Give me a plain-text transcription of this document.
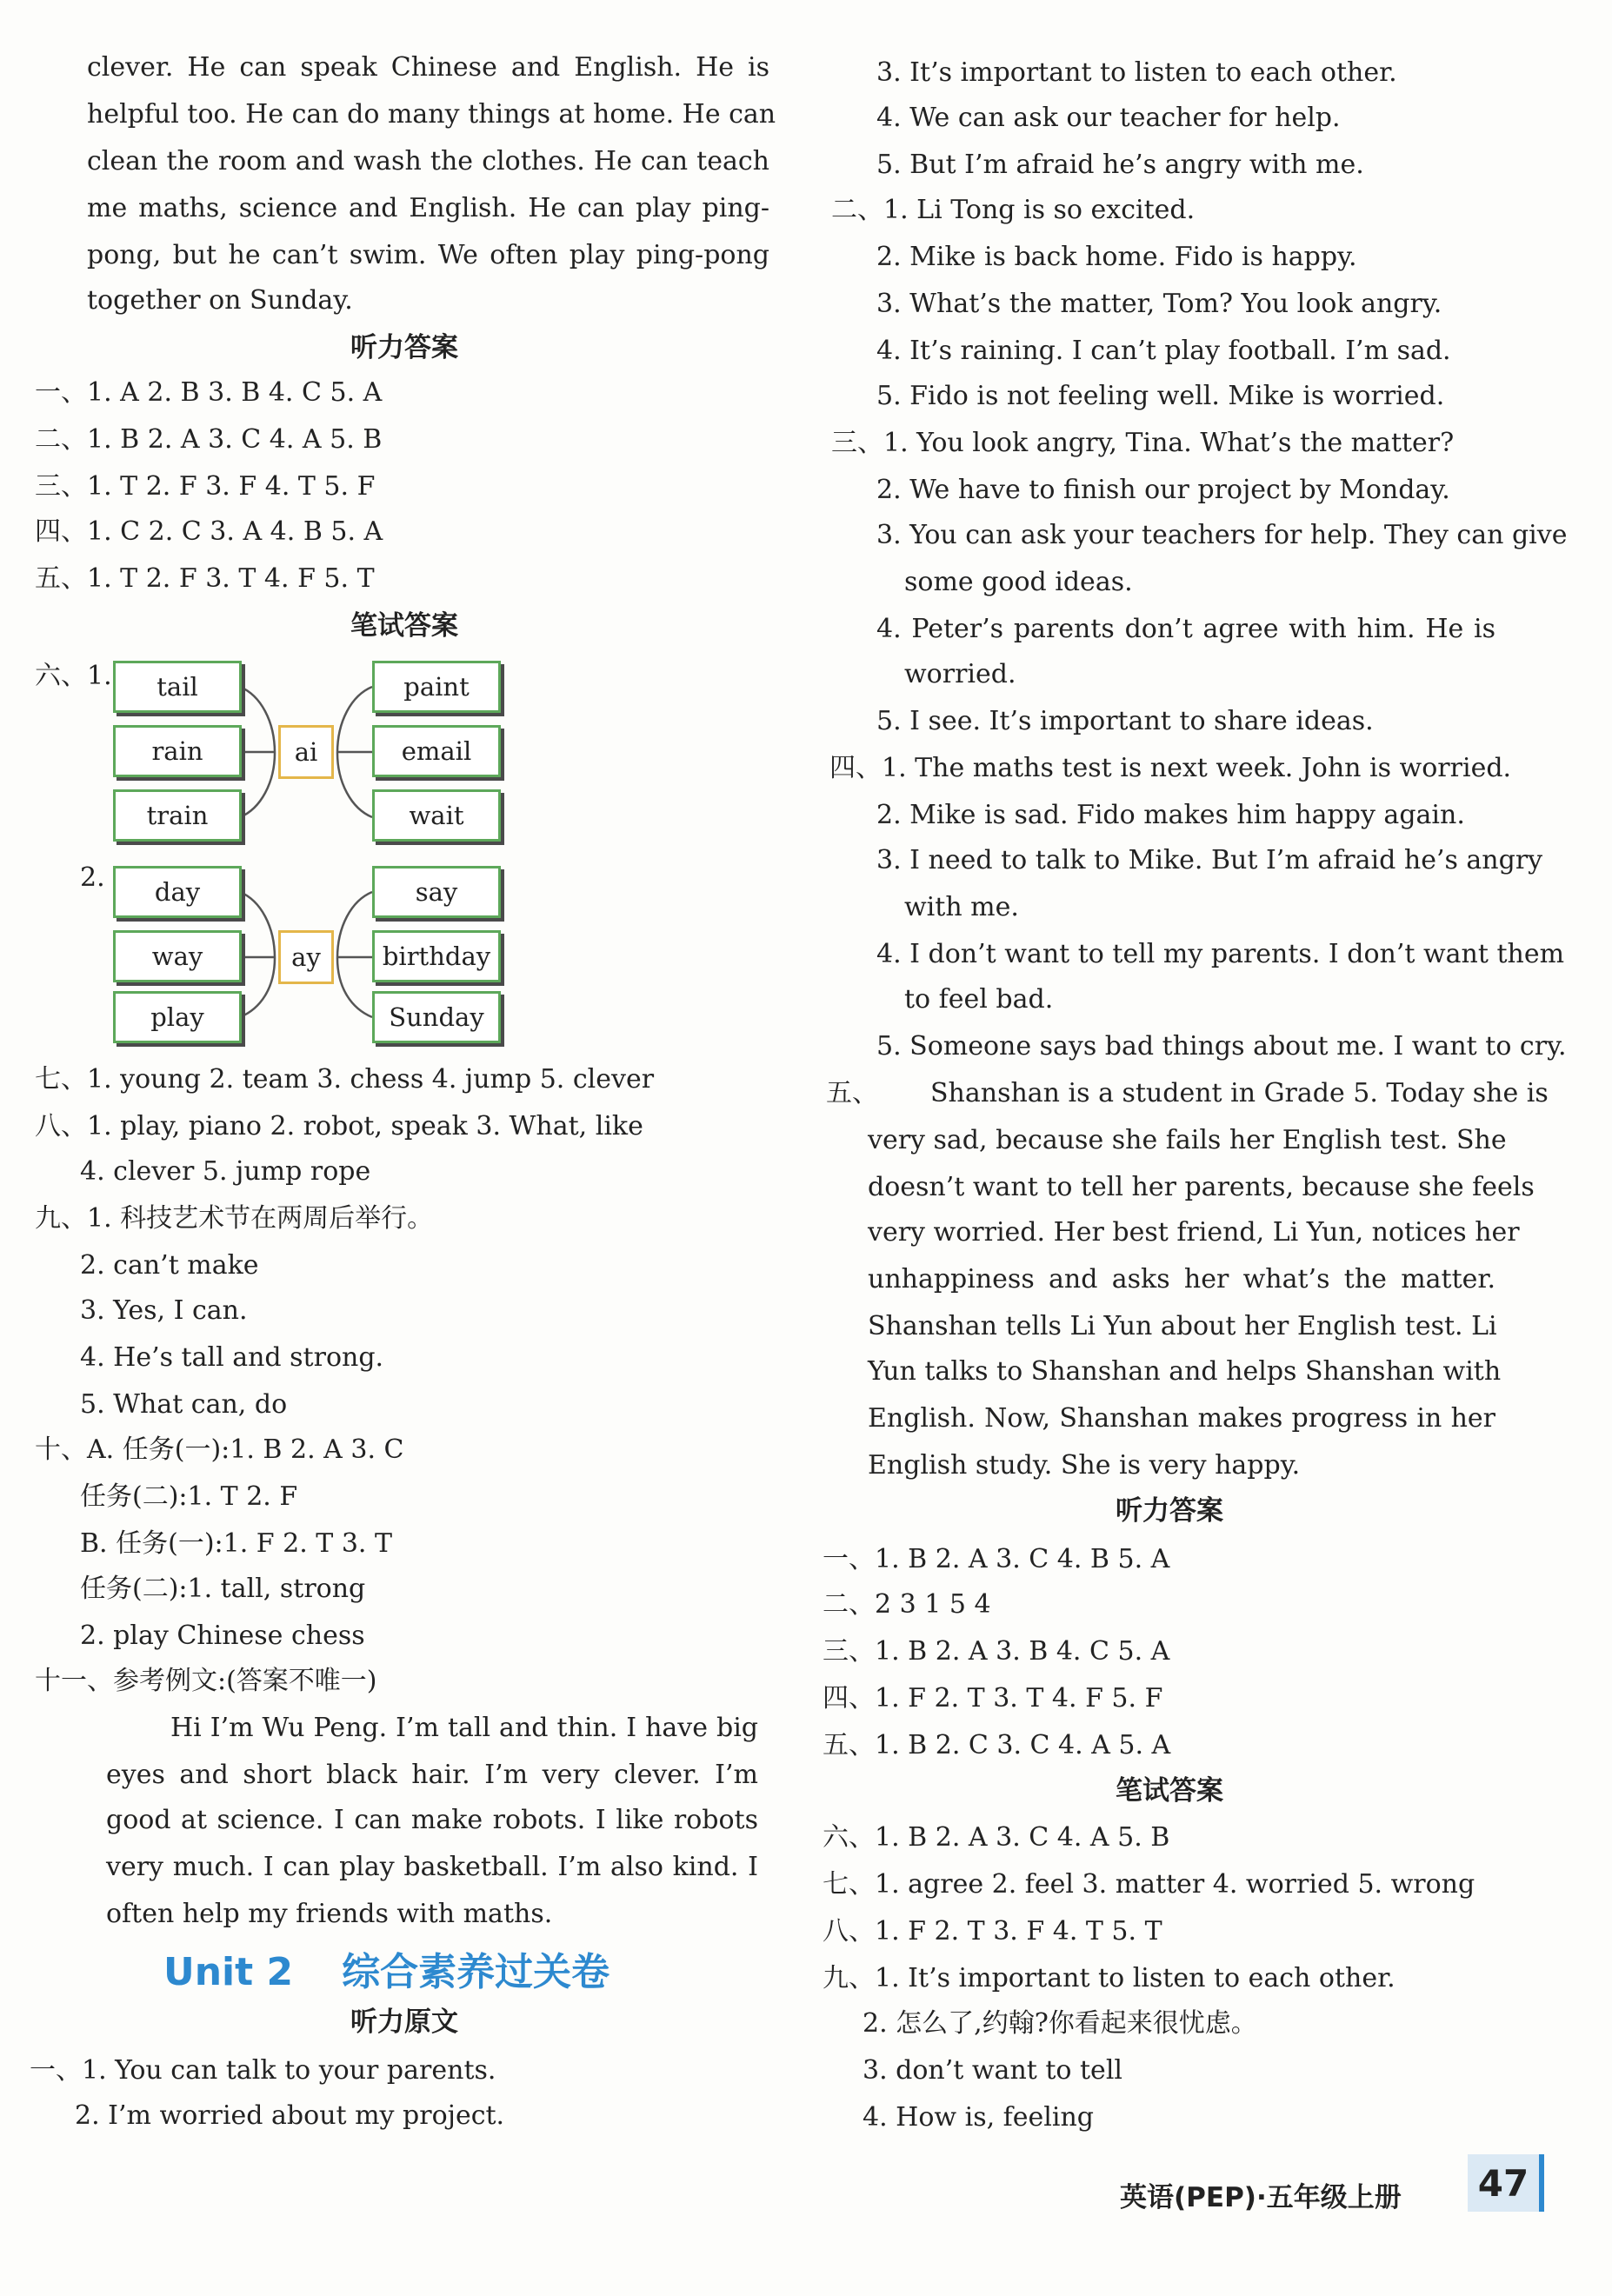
clever. He can speak Chinese and English. He is
helpful too. He can do many things at home. He can
clean the room and wash the clothes. He can teach
me maths, science and English. He can play ping-
pong, but he can’t swim. We often play ping-pong
together on Sunday.
听力答案
一、1. A 2. B 3. B 4. C 5. A
二、1. B 2. A 3. C 4. A 5. B
三、1. T 2. F 3. F 4. T 5. F
四、1. C 2. C 3. A 4. B 5. A
五、1. T 2. F 3. T 4. F 5. T
笔试答案
六、1.	tail
rain
train
ai
paint
email
wait
2.	day
way
play
ay
say
birthday
Sunday
七、1. young 2. team 3. chess 4. jump 5. clever
八、1. play, piano 2. robot, speak 3. What, like
4. clever 5. jump rope
九、1. 科技艺术节在两周后举行。
2. can’t make
3. Yes, I can.
4. He’s tall and strong.
5. What can, do
十、A. 任务(一):1. B 2. A 3. C
任务(二):1. T 2. F
B. 任务(一):1. F 2. T 3. T
任务(二):1. tall, strong
2. play Chinese chess
十一、参考例文:(答案不唯一)
Hi I’m Wu Peng. I’m tall and thin. I have big
eyes and short black hair. I’m very clever. I’m
good at science. I can make robots. I like robots
very much. I can play basketball. I’m also kind. I
often help my friends with maths.
Unit 2 综合素养过关卷
听力原文
一、1. You can talk to your parents.
2. I’m worried about my project.
3. It’s important to listen to each other.
4. We can ask our teacher for help.
5. But I’m afraid he’s angry with me.
二、1. Li Tong is so excited.
2. Mike is back home. Fido is happy.
3. What’s the matter, Tom? You look angry.
4. It’s raining. I can’t play football. I’m sad.
5. Fido is not feeling well. Mike is worried.
三、1. You look angry, Tina. What’s the matter?
2. We have to finish our project by Monday.
3. You can ask your teachers for help. They can give
some good ideas.
4. Peter’s parents don’t agree with him. He is
worried.
5. I see. It’s important to share ideas.
四、1. The maths test is next week. John is worried.
2. Mike is sad. Fido makes him happy again.
3. I need to talk to Mike. But I’m afraid he’s angry
with me.
4. I don’t want to tell my parents. I don’t want them
to feel bad.
5. Someone says bad things about me. I want to cry.
五、 Shanshan is a student in Grade 5. Today she is
very sad, because she fails her English test. She
doesn’t want to tell her parents, because she feels
very worried. Her best friend, Li Yun, notices her
unhappiness and asks her what’s the matter.
Shanshan tells Li Yun about her English test. Li
Yun talks to Shanshan and helps Shanshan with
English. Now, Shanshan makes progress in her
English study. She is very happy.
听力答案
一、1. B 2. A 3. C 4. B 5. A
二、2 3 1 5 4
三、1. B 2. A 3. B 4. C 5. A
四、1. F 2. T 3. T 4. F 5. F
五、1. B 2. C 3. C 4. A 5. A
笔试答案
六、1. B 2. A 3. C 4. A 5. B
七、1. agree 2. feel 3. matter 4. worried 5. wrong
八、1. F 2. T 3. F 4. T 5. T
九、1. It’s important to listen to each other.
2. 怎么了,约翰?你看起来很忧虑。
3. don’t want to tell
4. How is, feeling
英语(PEP)·五年级上册 47
